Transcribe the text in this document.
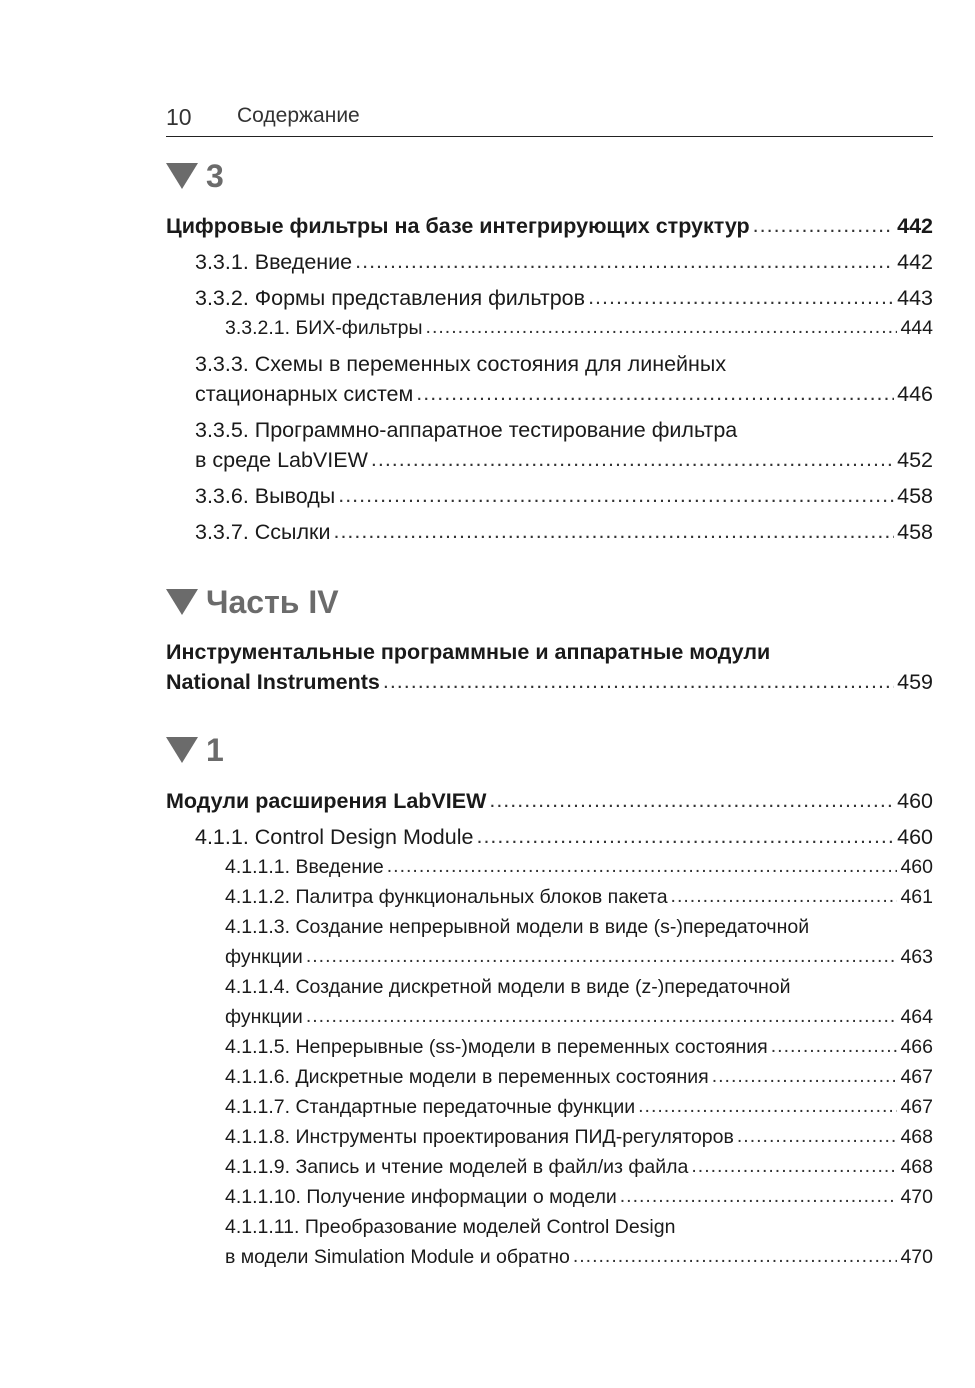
10 Содержание
3
Цифровые фильтры на базе интегрирующих структур .....	442
3.3.1. Введение .....	442
3.3.2. Формы представления фильтров .....	443
3.3.2.1. БИХ-фильтры .....	444
3.3.3. Схемы в переменных состояния для линейных
стационарных систем .....	446
3.3.5. Программно-аппаратное тестирование фильтра
в среде LabVIEW .....	452
3.3.6. Выводы .....	458
3.3.7. Ссылки .....	458
Часть IV
Инструментальные программные и аппаратные модули
National Instruments .....	459
1
Модули расширения LabVIEW .....	460
4.1.1. Control Design Module .....	460
4.1.1.1. Введение .....	460
4.1.1.2. Палитра функциональных блоков пакета .....	461
4.1.1.3. Создание непрерывной модели в виде (s-)передаточной
функции .....	463
4.1.1.4. Создание дискретной модели в виде (z-)передаточной
функции .....	464
4.1.1.5. Непрерывные (ss-)модели в переменных состояния .....	466
4.1.1.6. Дискретные модели в переменных состояния .....	467
4.1.1.7. Стандартные передаточные функции .....	467
4.1.1.8. Инструменты проектирования ПИД-регуляторов .....	468
4.1.1.9. Запись и чтение моделей в файл/из файла .....	468
4.1.1.10. Получение информации о модели .....	470
4.1.1.11. Преобразование моделей Control Design
в модели Simulation Module и обратно .....	470
